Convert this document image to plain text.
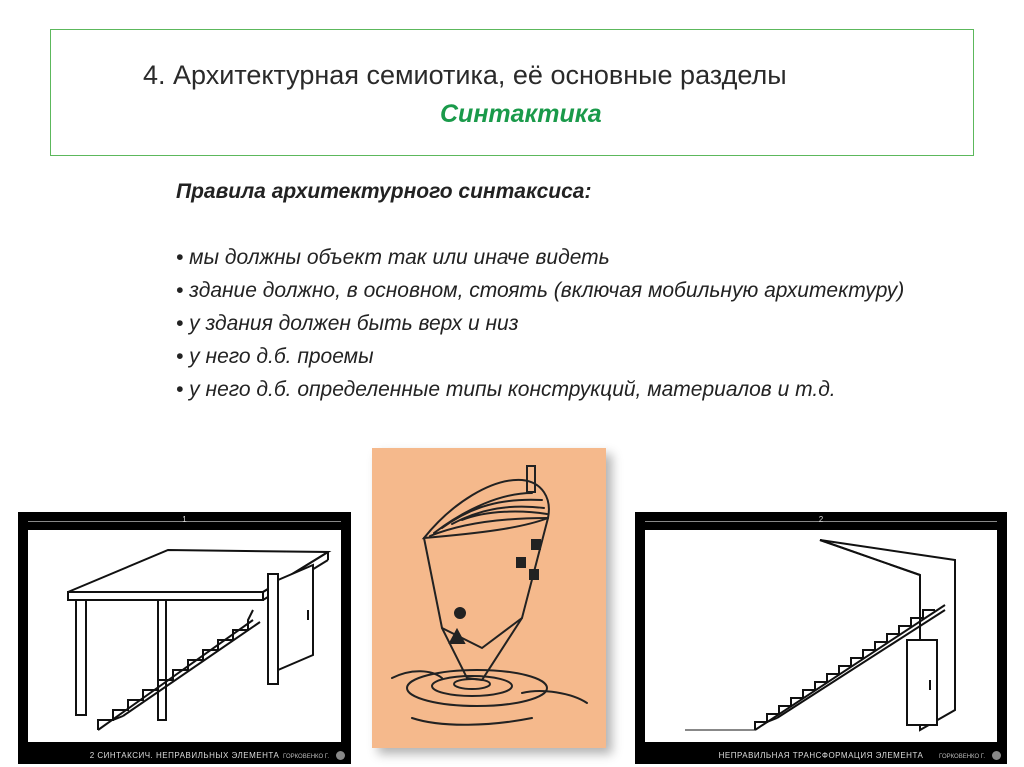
4. Архитектурная семиотика, её основные разделы
Синтактика
Правила архитектурного синтаксиса:
• мы должны объект так или иначе видеть
• здание должно, в основном, стоять (включая мобильную архитектуру)
• у здания должен быть верх и низ
• у него д.б. проемы
• у него д.б. определенные типы конструкций, материалов и т.д.
1
2 СИНТАКСИЧ. НЕПРАВИЛЬНЫХ ЭЛЕМЕНТА ГОРКОВЕНКО Г.
2
НЕПРАВИЛЬНАЯ ТРАНСФОРМАЦИЯ ЭЛЕМЕНТА	ГОРКОВЕНКО Г.
